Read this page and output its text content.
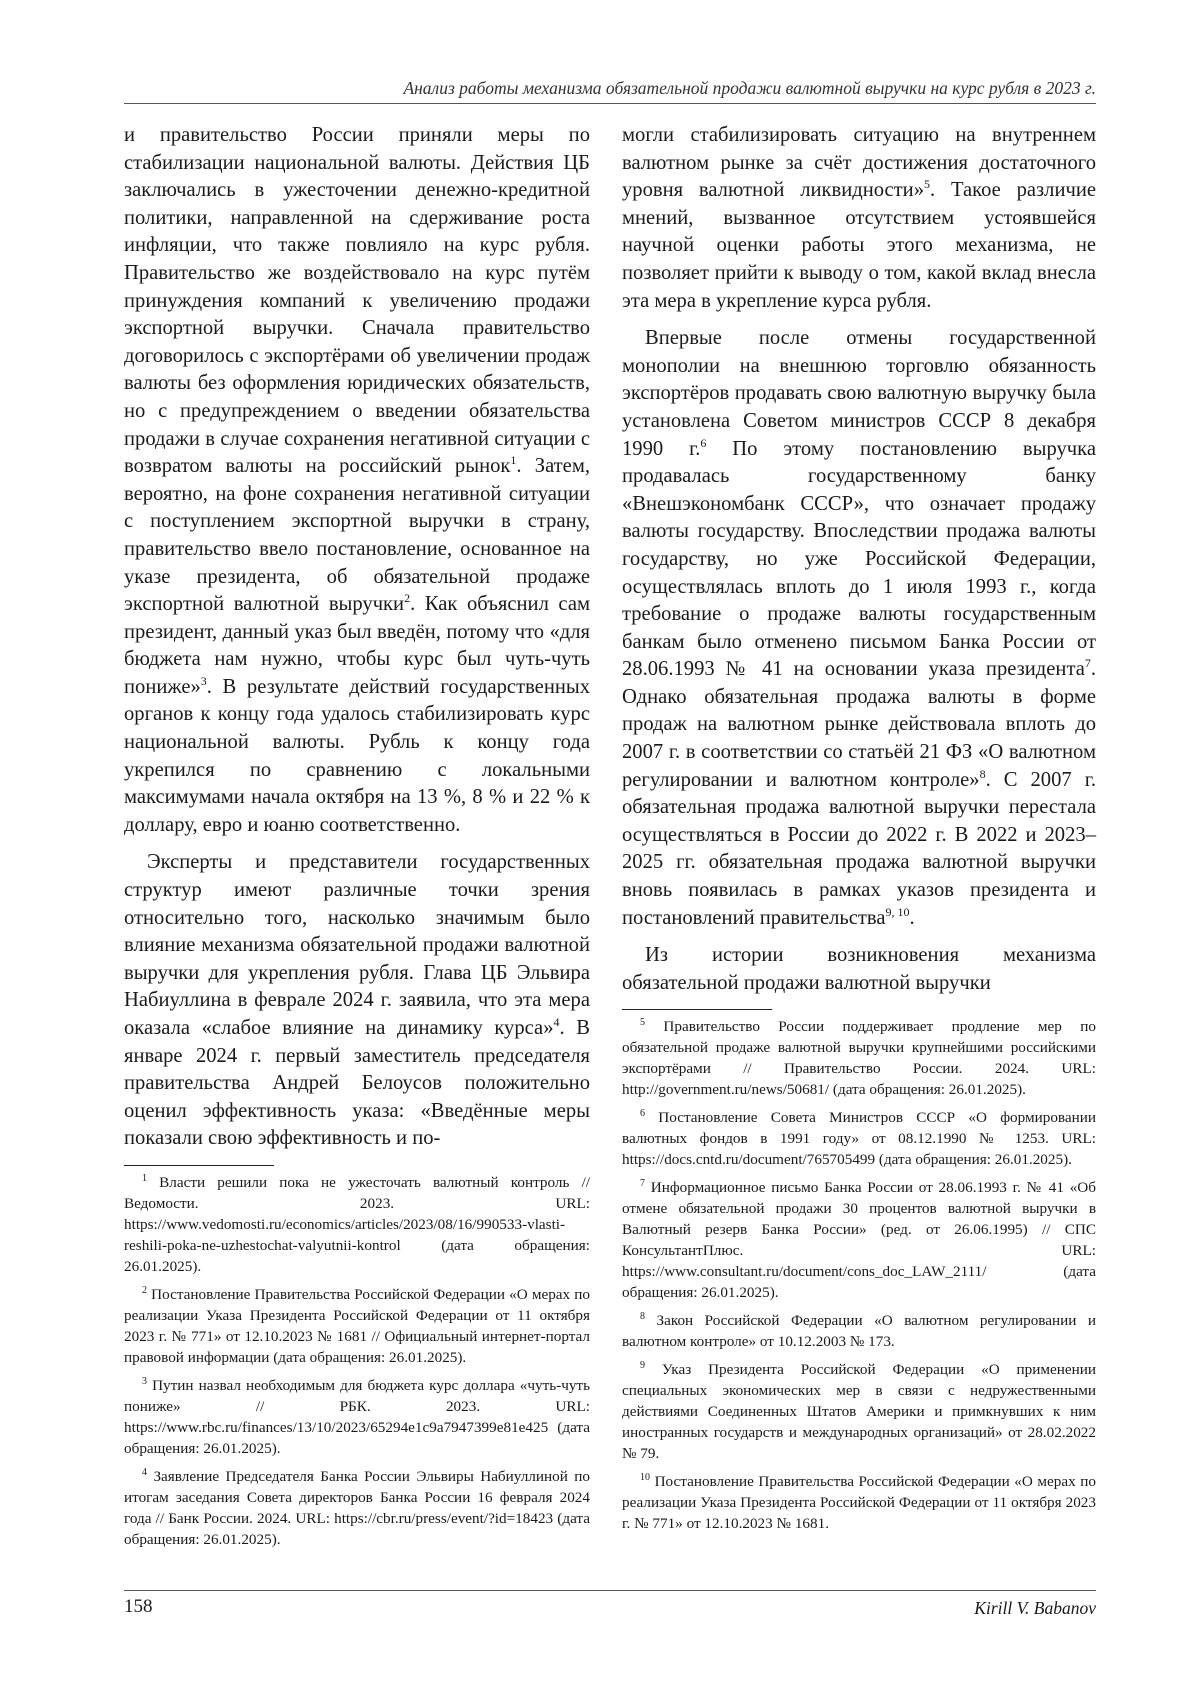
Анализ работы механизма обязательной продажи валютной выручки на курс рубля в 2023 г.

и правительство России приняли меры по стабилизации национальной валюты. Действия ЦБ заключались в ужесточении денежно-кредитной политики, направленной на сдерживание роста инфляции, что также повлияло на курс рубля. Правительство же воздействовало на курс путём принуждения компаний к увеличению продажи экспортной выручки. Сначала правительство договорилось с экспортёрами об увеличении продаж валюты без оформления юридических обязательств, но с предупреждением о введении обязательства продажи в случае сохранения негативной ситуации с возвратом валюты на российский рынок$^1$. Затем, вероятно, на фоне сохранения негативной ситуации с поступлением экспортной выручки в страну, правительство ввело постановление, основанное на указе президента, об обязательной продаже экспортной валютной выручки$^2$. Как объяснил сам президент, данный указ был введён, потому что «для бюджета нам нужно, чтобы курс был чуть-чуть пониже»$^3$. В результате действий государственных органов к концу года удалось стабилизировать курс национальной валюты. Рубль к концу года укрепился по сравнению с локальными максимумами начала октября на 13 %, 8 % и 22 % к доллару, евро и юаню соответственно.

Эксперты и представители государственных структур имеют различные точки зрения относительно того, насколько значимым было влияние механизма обязательной продажи валютной выручки для укрепления рубля. Глава ЦБ Эльвира Набиуллина в феврале 2024 г. заявила, что эта мера оказала «слабое влияние на динамику курса»$^4$. В январе 2024 г. первый заместитель председателя правительства Андрей Белоусов положительно оценил эффективность указа: «Введённые меры показали свою эффективность и по-

$^1$ Власти решили пока не ужесточать валютный контроль // Ведомости. 2023. URL: https://www.vedomosti.ru/economics/articles/2023/08/16/990533-vlasti-reshili-poka-ne-uzhestochat-valyutnii-kontrol (дата обращения: 26.01.2025).

$^2$ Постановление Правительства Российской Федерации «О мерах по реализации Указа Президента Российской Федерации от 11 октября 2023 г. № 771» от 12.10.2023 № 1681 // Официальный интернет-портал правовой информации (дата обращения: 26.01.2025).

$^3$ Путин назвал необходимым для бюджета курс доллара «чуть-чуть пониже» // РБК. 2023. URL: https://www.rbc.ru/finances/13/10/2023/65294e1c9a7947399e81e425 (дата обращения: 26.01.2025).

$^4$ Заявление Председателя Банка России Эльвиры Набиуллиной по итогам заседания Совета директоров Банка России 16 февраля 2024 года // Банк России. 2024. URL: https://cbr.ru/press/event/?id=18423 (дата обращения: 26.01.2025).

могли стабилизировать ситуацию на внутреннем валютном рынке за счёт достижения достаточного уровня валютной ликвидности»$^5$. Такое различие мнений, вызванное отсутствием устоявшейся научной оценки работы этого механизма, не позволяет прийти к выводу о том, какой вклад внесла эта мера в укрепление курса рубля.

Впервые после отмены государственной монополии на внешнюю торговлю обязанность экспортёров продавать свою валютную выручку была установлена Советом министров СССР 8 декабря 1990 г.$^6$ По этому постановлению выручка продавалась государственному банку «Внешэкономбанк СССР», что означает продажу валюты государству. Впоследствии продажа валюты государству, но уже Российской Федерации, осуществлялась вплоть до 1 июля 1993 г., когда требование о продаже валюты государственным банкам было отменено письмом Банка России от 28.06.1993 № 41 на основании указа президента$^7$. Однако обязательная продажа валюты в форме продаж на валютном рынке действовала вплоть до 2007 г. в соответствии со статьёй 21 ФЗ «О валютном регулировании и валютном контроле»$^8$. С 2007 г. обязательная продажа валютной выручки перестала осуществляться в России до 2022 г. В 2022 и 2023–2025 гг. обязательная продажа валютной выручки вновь появилась в рамках указов президента и постановлений правительства$^{9, 10}$.

Из истории возникновения механизма обязательной продажи валютной выручки

$^5$ Правительство России поддерживает продление мер по обязательной продаже валютной выручки крупнейшими российскими экспортёрами // Правительство России. 2024. URL: http://government.ru/news/50681/ (дата обращения: 26.01.2025).

$^6$ Постановление Совета Министров СССР «О формировании валютных фондов в 1991 году» от 08.12.1990 № 1253. URL: https://docs.cntd.ru/document/765705499 (дата обращения: 26.01.2025).

$^7$ Информационное письмо Банка России от 28.06.1993 г. № 41 «Об отмене обязательной продажи 30 процентов валютной выручки в Валютный резерв Банка России» (ред. от 26.06.1995) // СПС КонсультантПлюс. URL: https://www.consultant.ru/document/cons_doc_LAW_2111/ (дата обращения: 26.01.2025).

$^8$ Закон Российской Федерации «О валютном регулировании и валютном контроле» от 10.12.2003 № 173.

$^9$ Указ Президента Российской Федерации «О применении специальных экономических мер в связи с недружественными действиями Соединенных Штатов Америки и примкнувших к ним иностранных государств и международных организаций» от 28.02.2022 № 79.

$^{10}$ Постановление Правительства Российской Федерации «О мерах по реализации Указа Президента Российской Федерации от 11 октября 2023 г. № 771» от 12.10.2023 № 1681.

158	Kirill V. Babanov
